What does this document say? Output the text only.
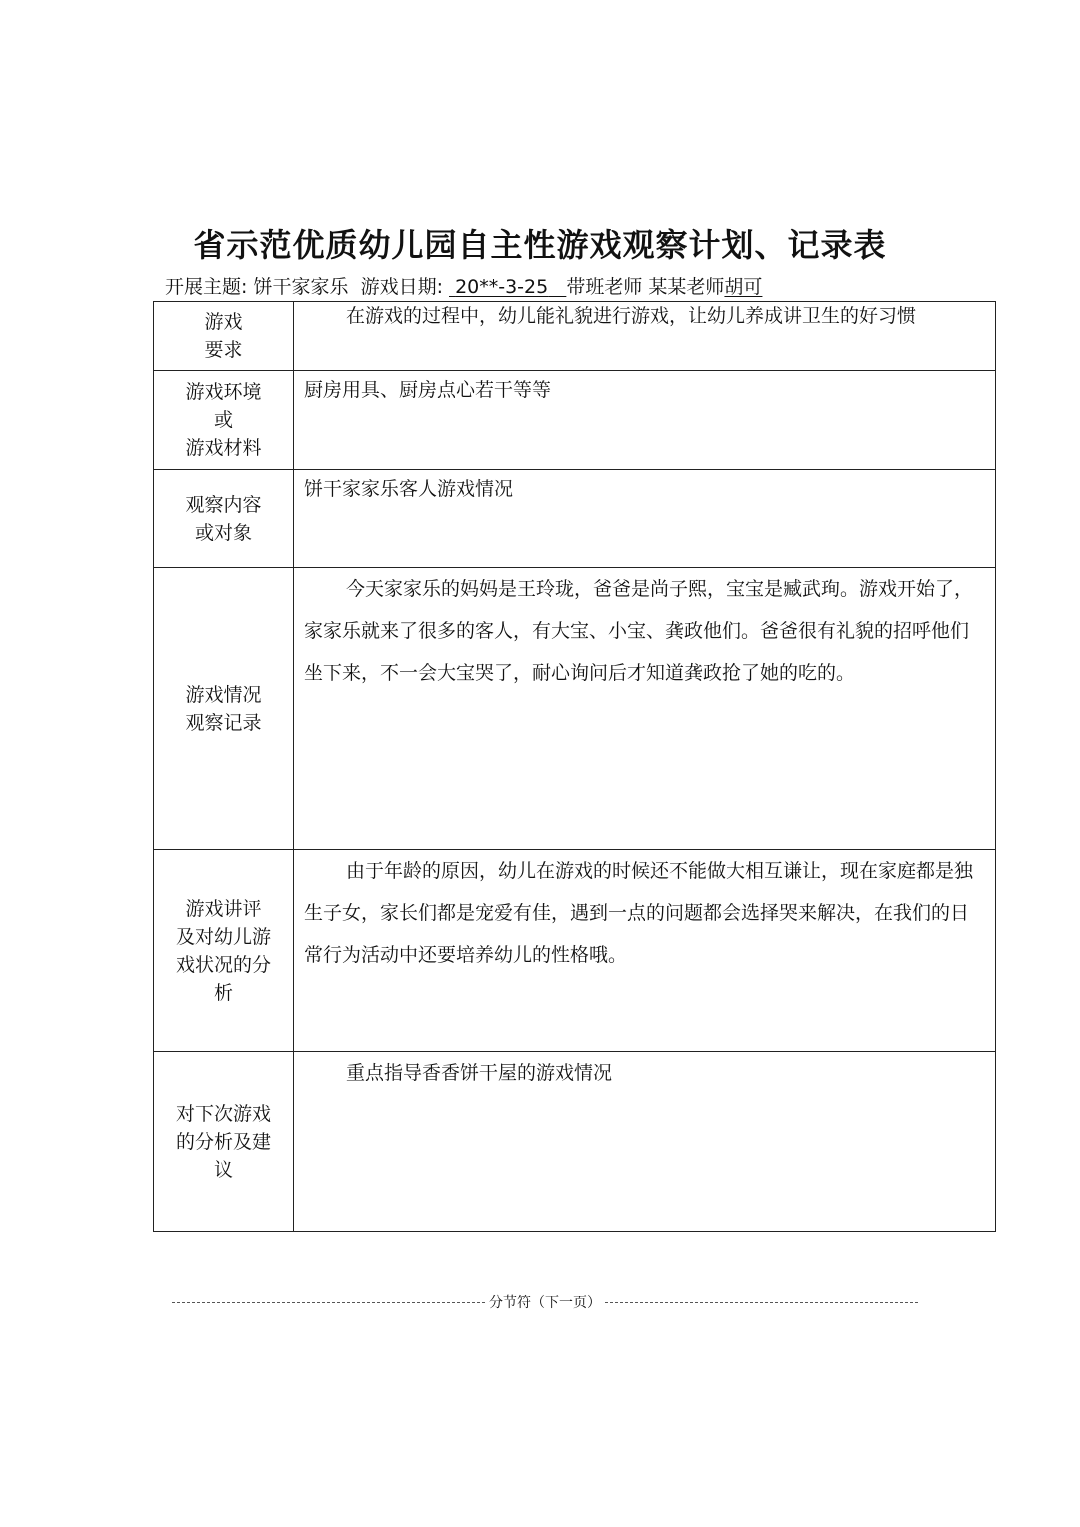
省示范优质幼儿园自主性游戏观察计划、记录表
开展主题: 饼干家家乐 游戏日期: 20**-3-25 带班老师 某某老师胡可
游戏
要求	在游戏的过程中，幼儿能礼貌进行游戏，让幼儿养成讲卫生的好习惯

游戏环境
或
游戏材料	厨房用具、厨房点心若干等等

观察内容
或对象	饼干家家乐客人游戏情况

游戏情况
观察记录	今天家家乐的妈妈是王玲珑，爸爸是尚子熙，宝宝是臧武珣。游戏开始了，家家乐就来了很多的客人，有大宝、小宝、龚政他们。爸爸很有礼貌的招呼他们坐下来，不一会大宝哭了，耐心询问后才知道龚政抢了她的吃的。

游戏讲评
及对幼儿游
戏状况的分
析	由于年龄的原因，幼儿在游戏的时候还不能做大相互谦让，现在家庭都是独生子女，家长们都是宠爱有佳，遇到一点的问题都会选择哭来解决，在我们的日常行为活动中还要培养幼儿的性格哦。

对下次游戏
的分析及建
议	重点指导香香饼干屋的游戏情况
分节符（下一页）
